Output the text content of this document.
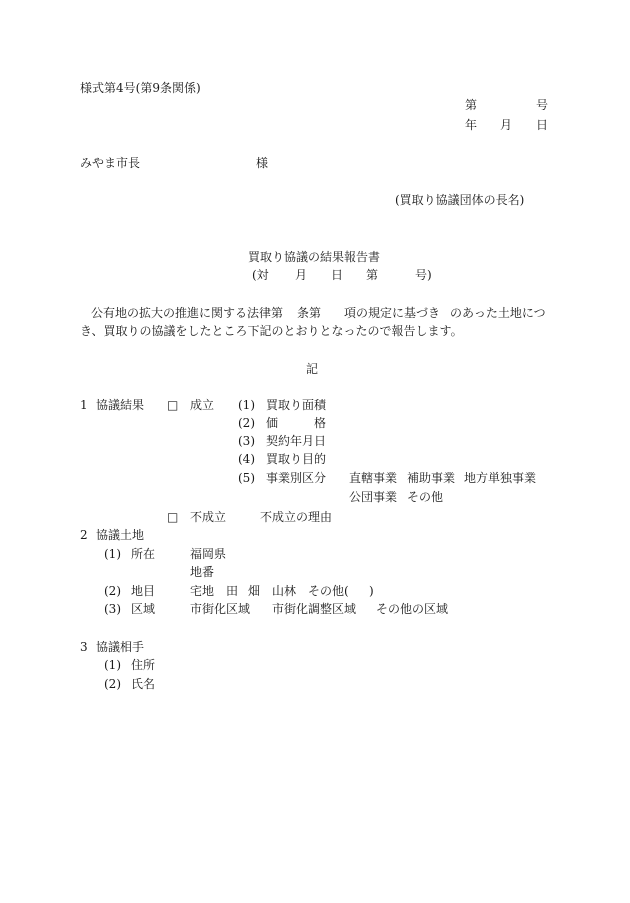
様式第4号(第9条関係)
第	号
年 月 日
みやま市長	様
(買取り協議団体の長名)
買取り協議の結果報告書
(対 月 日 第	号)
公有地の拡大の推進に関する法律第 条第 項の規定に基づき のあった土地につ
き、買取りの協議をしたところ下記のとおりとなったので報告します。
記
1 協議結果 □ 成立 (1) 買取り面積
(2) 価	格
(3) 契約年月日
(4) 買取り目的
(5) 事業別区分 直轄事業 補助事業 地方単独事業
公団事業 その他
□ 不成立	不成立の理由
2 協議土地
(1) 所在	福岡県
地番
(2) 地目	宅地 田 畑 山林 その他( )
(3) 区域	市街化区域 市街化調整区域 その他の区域
3 協議相手
(1) 住所
(2) 氏名
